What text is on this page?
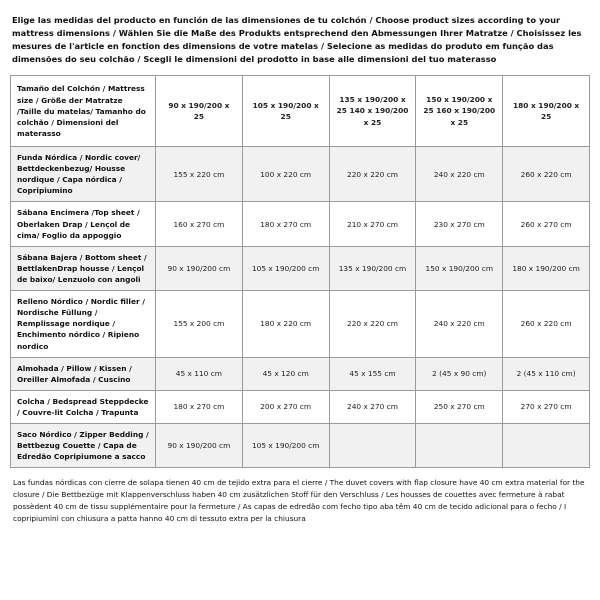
Elige las medidas del producto en función de las dimensiones de tu colchón / Choose product sizes according to your mattress dimensions / Wählen Sie die Maße des Produkts entsprechend den Abmessungen Ihrer Matratze / Choisissez les mesures de l'article en fonction des dimensions de votre matelas / Selecione as medidas do produto em função das dimensões do seu colchão / Scegli le dimensioni del prodotto in base alle dimensioni del tuo materasso
Tamaño del Colchón / Mattress size / Größe der Matratze /Taille du matelas/ Tamanho do colchão / Dimensioni del materasso	90 x 190/200 x 25	105 x 190/200 x 25	135 x 190/200 x 25 140 x 190/200 x 25	150 x 190/200 x 25 160 x 190/200 x 25	180 x 190/200 x 25
Funda Nórdica / Nordic cover/ Bettdeckenbezug/ Housse nordique / Capa nórdica / Copripiumino	155 x 220 cm	100 x 220 cm	220 x 220 cm	240 x 220 cm	260 x 220 cm
Sábana Encimera /Top sheet / Oberlaken Drap / Lençol de cima/ Foglio da appoggio	160 x 270 cm	180 x 270 cm	210 x 270 cm	230 x 270 cm	260 x 270 cm
Sábana Bajera / Bottom sheet / BettlakenDrap housse / Lençol de baixo/ Lenzuolo con angoli	90 x 190/200 cm	105 x 190/200 cm	135 x 190/200 cm	150 x 190/200 cm	180 x 190/200 cm
Relleno Nórdico / Nordic filler / Nordische Füllung / Remplissage nordique / Enchimento nórdico / Ripieno nordico	155 x 200 cm	180 x 220 cm	220 x 220 cm	240 x 220 cm	260 x 220 cm
Almohada / Pillow / Kissen / Oreiller Almofada / Cuscino	45 x 110 cm	45 x 120 cm	45 x 155 cm	2 (45 x 90 cm)	2 (45 x 110 cm)
Colcha / Bedspread Steppdecke / Couvre-lit Colcha / Trapunta	180 x 270 cm	200 x 270 cm	240 x 270 cm	250 x 270 cm	270 x 270 cm
Saco Nórdico / Zipper Bedding / Bettbezug Couette / Capa de Edredão Copripiumone a sacco	90 x 190/200 cm	105 x 190/200 cm			
Las fundas nórdicas con cierre de solapa tienen 40 cm de tejido extra para el cierre / The duvet covers with flap closure have 40 cm extra material for the closure / Die Bettbezüge mit Klappenverschluss haben 40 cm zusätzlichen Stoff für den Verschluss / Les housses de couettes avec fermeture à rabat possèdent 40 cm de tissu supplémentaire pour la fermeture / As capas de edredão com fecho tipo aba têm 40 cm de tecido adicional para o fecho / I copripiumini con chiusura a patta hanno 40 cm di tessuto extra per la chiusura
